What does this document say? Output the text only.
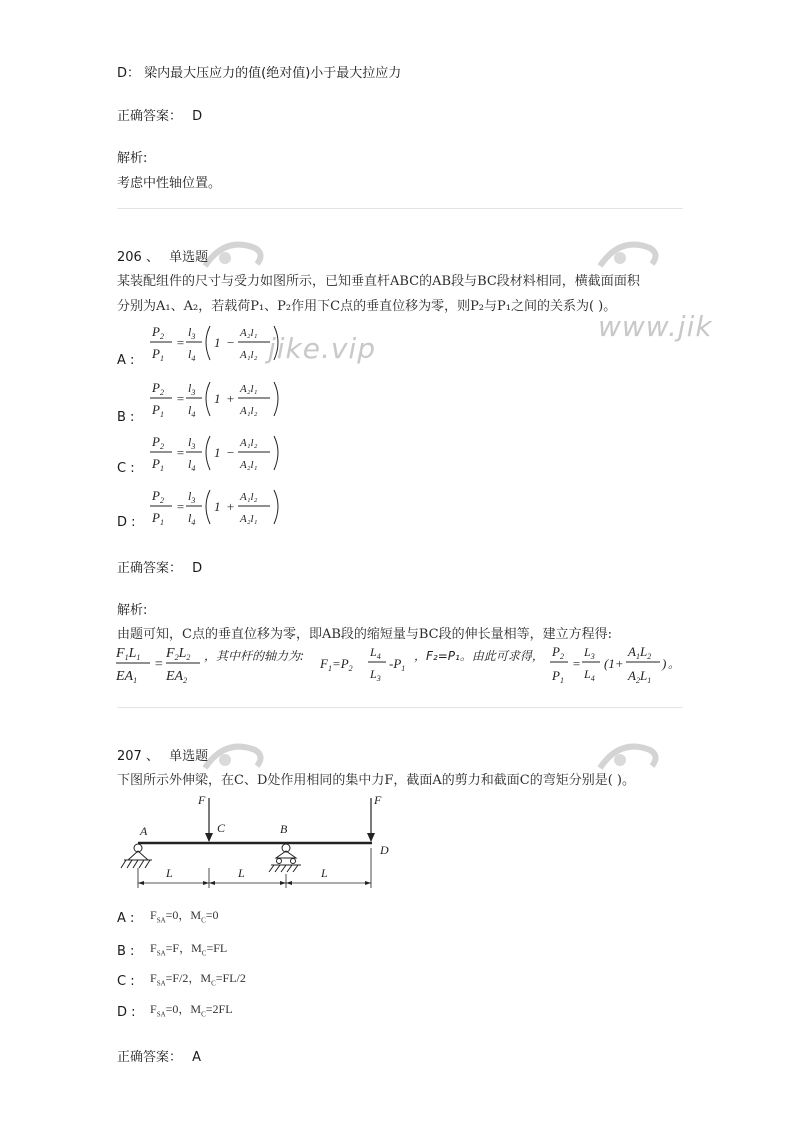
D： 梁内最大压应力的值(绝对值)小于最大拉应力
正确答案： D
解析:
考虑中性轴位置。
jike.vip
www.jik
206 、 单选题
某装配组件的尺寸与受力如图所示，已知垂直杆ABC的AB段与BC段材料相同，横截面面积
分别为A₁、A₂，若载荷P₁、P₂作用下C点的垂直位移为零，则P₂与P₁之间的关系为( )。
A :
$P_2$
$P_1$
=
$l_3$
$l_4$
1 −
A₂l₁
A₁l₂
B :
$P_2$
$P_1$
=
$l_3$
$l_4$
1 +
A₂l₁
A₁l₂
C :
$P_2$
$P_1$
=
$l_3$
$l_4$
1 −
A₁l₂
A₂l₁
D :
$P_2$
$P_1$
=
$l_3$
$l_4$
1 +
A₁l₂
A₂l₁
正确答案： D
解析:
由题可知，C点的垂直位移为零，即AB段的缩短量与BC段的伸长量相等，建立方程得:
$F_1L_1$
$EA_1$
=
$F_2L_2$
$EA_2$
，其中杆的轴力为: $F_1=P_2$
$L_4$
$L_3$
$-P_1$
，F₂=P₁。由此可求得， $P_2$
$P_1$
=
$L_3$
$L_4$
(1+
$A_1L_2$
$A_2L_1$
) 。
207 、 单选题
下图所示外伸梁，在C、D处作用相同的集中力F，截面A的剪力和截面C的弯矩分别是( )。
F	F
C
A	B
D
L	L	L
A : $F_{SA}=0$，$M_C=0$
B : $F_{SA}=F$，$M_C=FL$
C : $F_{SA}=F/2$，$M_C=FL/2$
D : $F_{SA}=0$，$M_C=2FL$
正确答案： A
